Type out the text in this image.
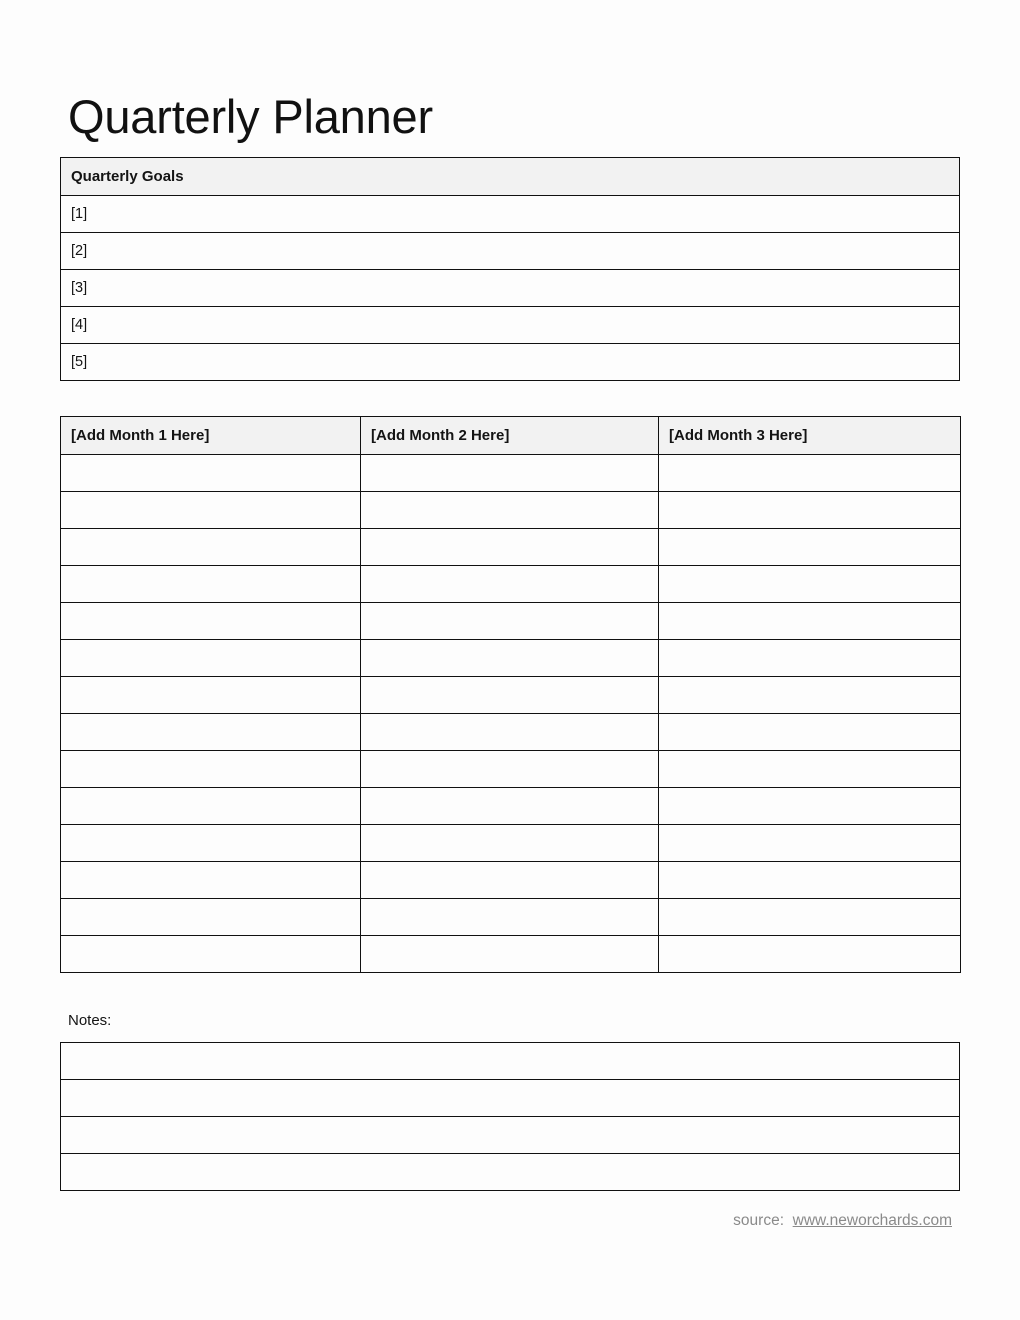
Quarterly Planner
Quarterly Goals
[1]
[2]
[3]
[4]
[5]
[Add Month 1 Here]	[Add Month 2 Here]	[Add Month 3 Here]

Notes:

source: www.neworchards.com
